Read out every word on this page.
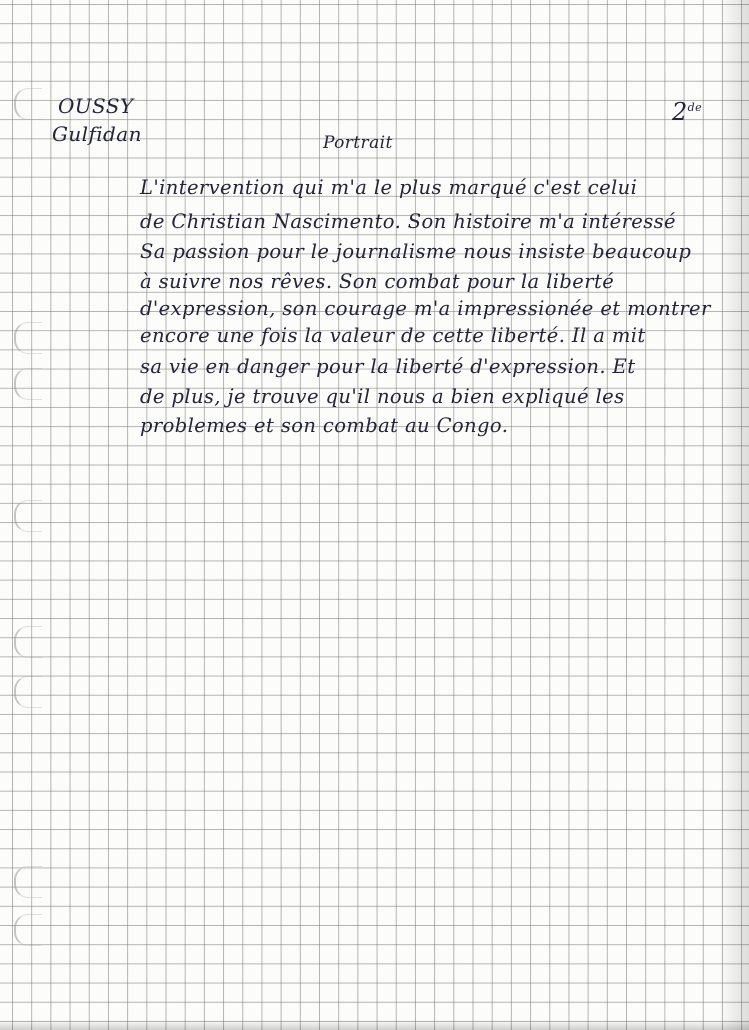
OUSSY
Gulfidan
2de
Portrait
L'intervention qui m'a le plus marqué c'est celui
de Christian Nascimento. Son histoire m'a intéressé
Sa passion pour le journalisme nous insiste beaucoup
à suivre nos rêves. Son combat pour la liberté
d'expression, son courage m'a impressionée et montrer
encore une fois la valeur de cette liberté. Il a mit
sa vie en danger pour la liberté d'expression. Et
de plus, je trouve qu'il nous a bien expliqué les
problemes et son combat au Congo.
